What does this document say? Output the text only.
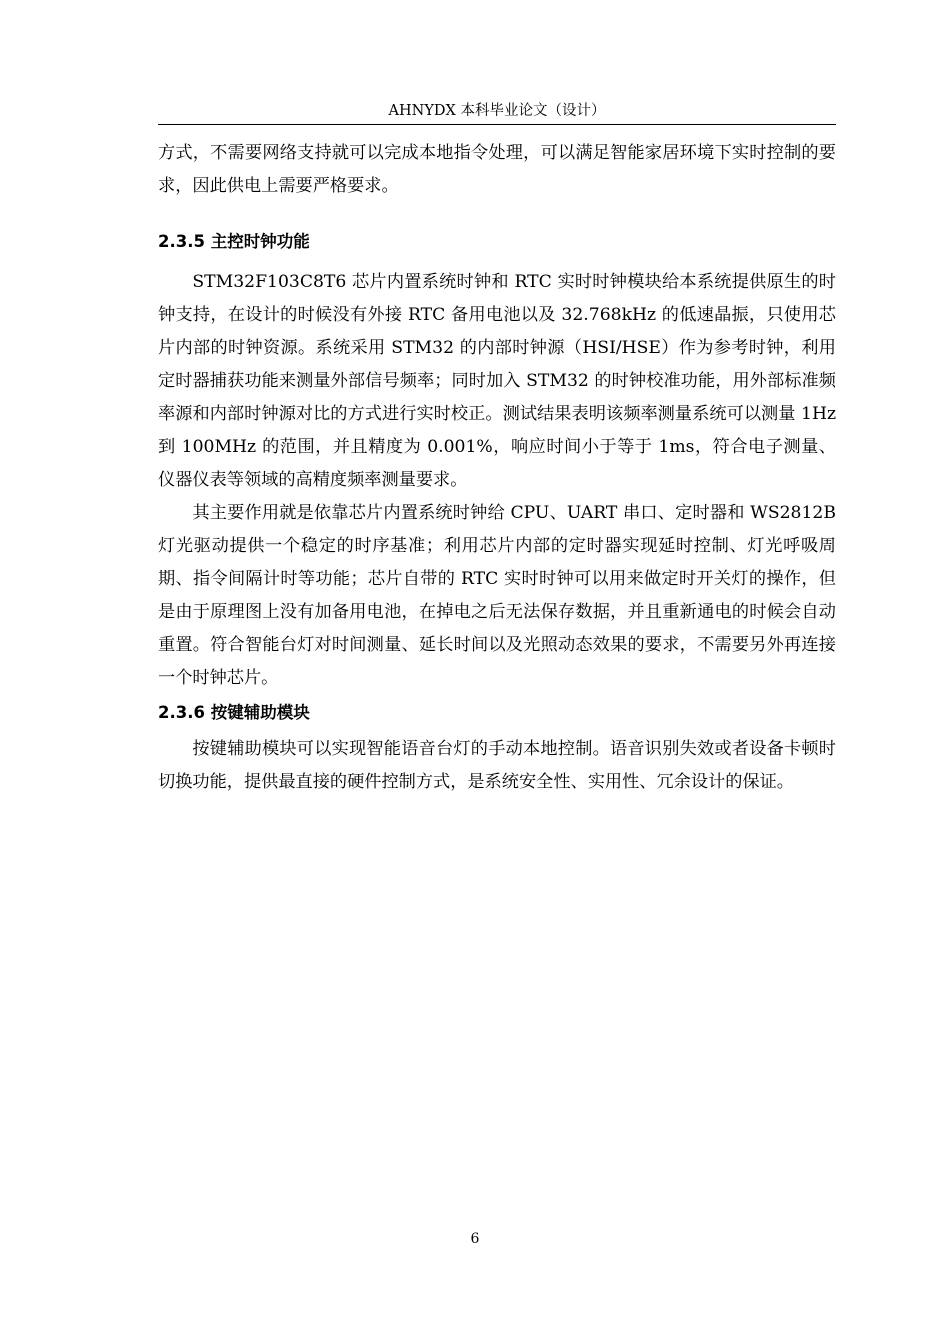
AHNYDX 本科毕业论文（设计）

方式，不需要网络支持就可以完成本地指令处理，可以满足智能家居环境下实时控制的要求，因此供电上需要严格要求。

2.3.5 主控时钟功能

STM32F103C8T6 芯片内置系统时钟和 RTC 实时时钟模块给本系统提供原生的时钟支持，在设计的时候没有外接 RTC 备用电池以及 32.768kHz 的低速晶振，只使用芯片内部的时钟资源。系统采用 STM32 的内部时钟源（HSI/HSE）作为参考时钟，利用定时器捕获功能来测量外部信号频率；同时加入 STM32 的时钟校准功能，用外部标准频率源和内部时钟源对比的方式进行实时校正。测试结果表明该频率测量系统可以测量 1Hz 到 100MHz 的范围，并且精度为 0.001%，响应时间小于等于 1ms，符合电子测量、仪器仪表等领域的高精度频率测量要求。

其主要作用就是依靠芯片内置系统时钟给 CPU、UART 串口、定时器和 WS2812B 灯光驱动提供一个稳定的时序基准；利用芯片内部的定时器实现延时控制、灯光呼吸周期、指令间隔计时等功能；芯片自带的 RTC 实时时钟可以用来做定时开关灯的操作，但是由于原理图上没有加备用电池，在掉电之后无法保存数据，并且重新通电的时候会自动重置。符合智能台灯对时间测量、延长时间以及光照动态效果的要求，不需要另外再连接一个时钟芯片。

2.3.6 按键辅助模块

按键辅助模块可以实现智能语音台灯的手动本地控制。语音识别失效或者设备卡顿时切换功能，提供最直接的硬件控制方式，是系统安全性、实用性、冗余设计的保证。

6
